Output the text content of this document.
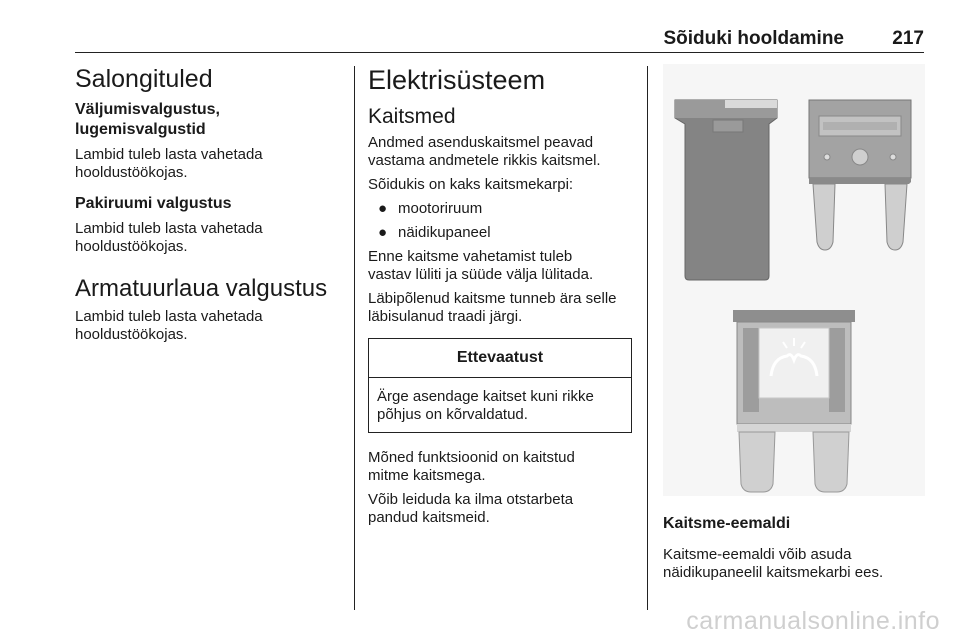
Sõiduki hooldamine	217
Salongituled
Väljumisvalgustus,
lugemisvalgustid
Lambid tuleb lasta vahetada
hooldustöökojas.
Pakiruumi valgustus
Lambid tuleb lasta vahetada
hooldustöökojas.
Armatuurlaua valgustus
Lambid tuleb lasta vahetada
hooldustöökojas.
Elektrisüsteem
Kaitsmed
Andmed asenduskaitsmel peavad
vastama andmetele rikkis kaitsmel.
Sõidukis on kaks kaitsmekarpi:
● mootoriruum
● näidikupaneel
Enne kaitsme vahetamist tuleb
vastav lüliti ja süüde välja lülitada.
Läbipõlenud kaitsme tunneb ära selle
läbisulanud traadi järgi.
Ettevaatust
Ärge asendage kaitset kuni rikke
põhjus on kõrvaldatud.
Mõned funktsioonid on kaitstud
mitme kaitsmega.
Võib leiduda ka ilma otstarbeta
pandud kaitsmeid.	Kaitsme-eemaldi
Kaitsme-eemaldi võib asuda
näidikupaneelil kaitsmekarbi ees.
carmanualsonline.info
